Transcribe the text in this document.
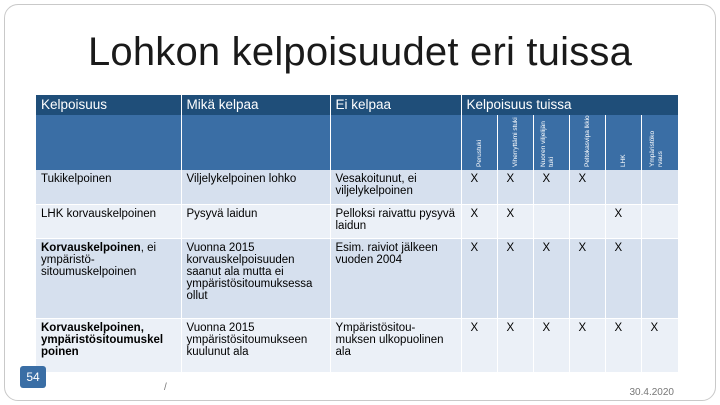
Lohkon kelpoisuudet eri tuissa
Kelpoisuus	Mikä kelpaa	Ei kelpaa	Kelpoisuus tuissa					

			Perustuki	Viherryttämi stuki	Nuoren viljelijän tuki	Peltokasvipa lkkio	LHK	Ympäristöko rvaus

Tukikelpoinen	Viljelykelpoinen lohko	Vesakoitunut, ei viljelykelpoinen	X	X	X	X		
LHK korvauskelpoinen	Pysyvä laidun	Pelloksi raivattu pysyvä laidun	X	X			X	
Korvauskelpoinen, ei ympäristö-sitoumuskelpoinen	Vuonna 2015 korvauskelpoisuuden saanut ala mutta ei ympäristösitoumuksessa ollut	Esim. raiviot jälkeen vuoden 2004	X	X	X	X	X	
Korvauskelpoinen, ympäristösitoumuskel poinen	Vuonna 2015 ympäristösitoumukseen kuulunut ala	Ympäristösitou-muksen ulkopuolinen ala	X	X	X	X	X	X
54
/
